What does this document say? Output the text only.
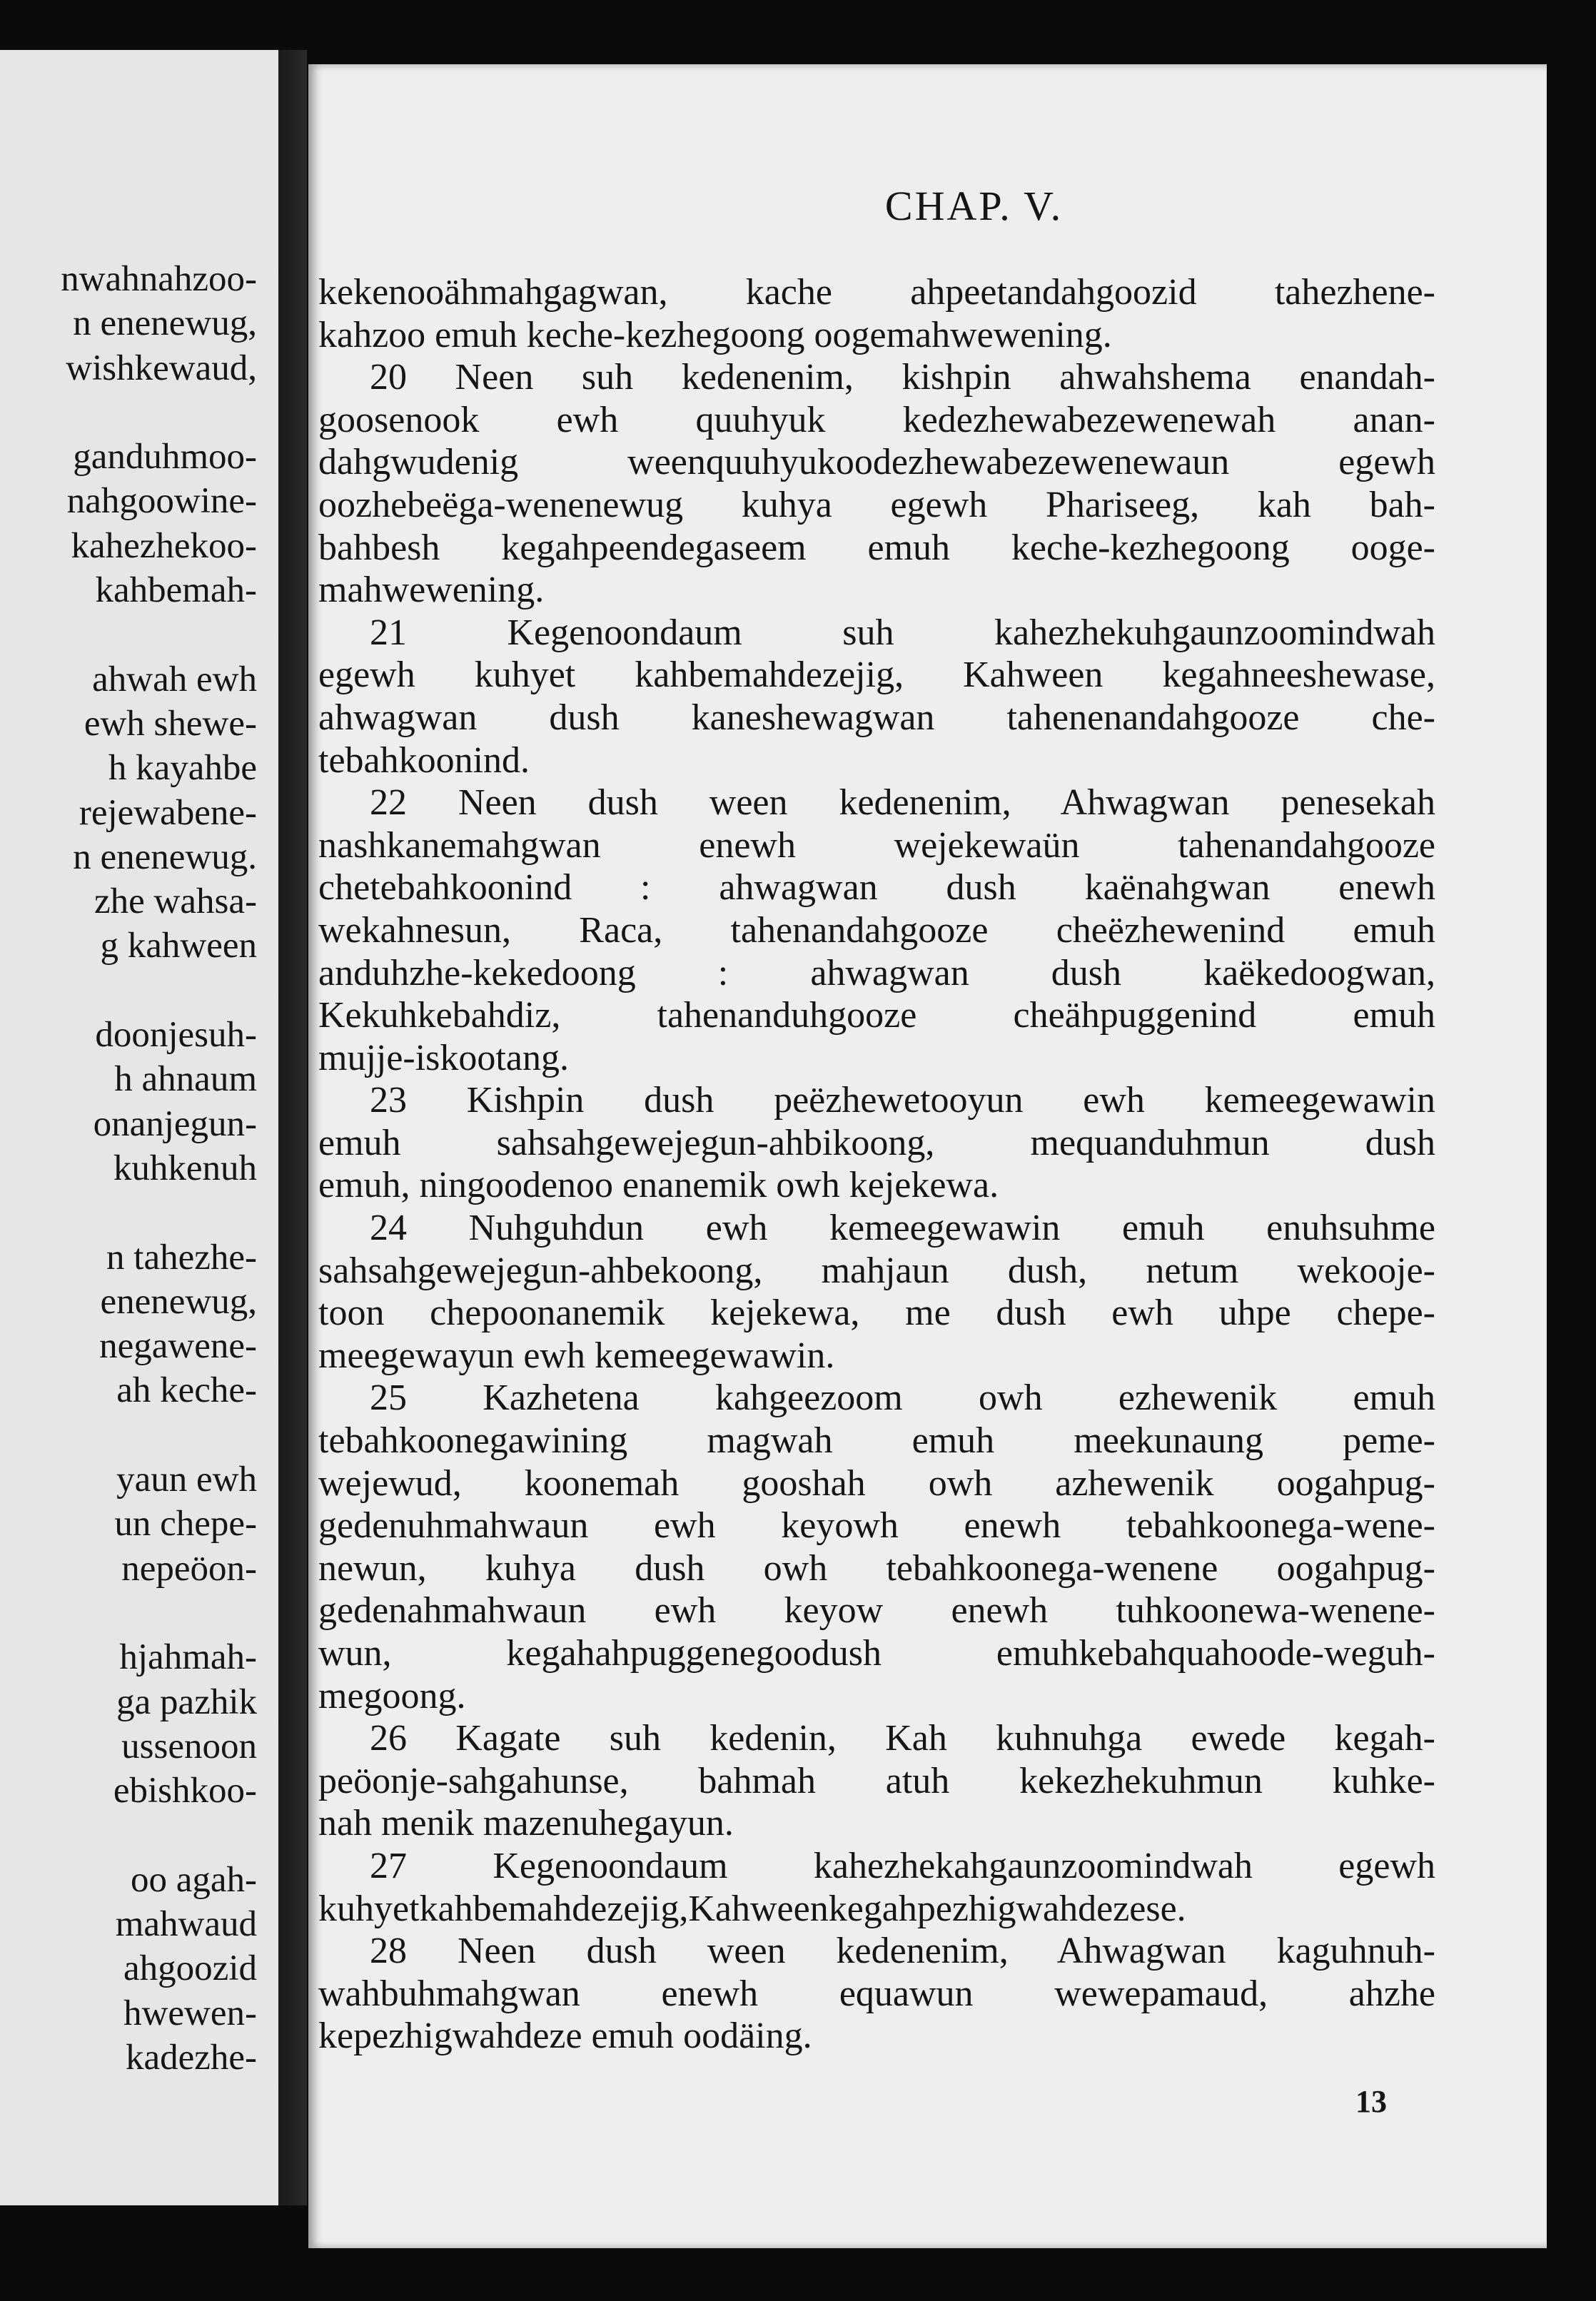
nwahnahzoo-
n enenewug,
wishkewaud,
ganduhmoo-
nahgoowine-
kahezhekoo-
kahbemah-
ahwah ewh
ewh shewe-
h kayahbe
rejewabene-
n enenewug.
zhe wahsa-
g kahween
doonjesuh-
h ahnaum
onanjegun-
kuhkenuh
n tahezhe-
enenewug,
negawene-
ah keche-
yaun ewh
un chepe-
nepeöon-
hjahmah-
ga pazhik
ussenoon
ebishkoo-
oo agah-
mahwaud
ahgoozid
hwewen-
kadezhe-
CHAP. V.
kekenooähmahgagwan, kache ahpeetandahgoozid tahezhene-
kahzoo emuh keche-kezhegoong oogemahwewening.
20 Neen suh kedenenim, kishpin ahwahshema enandah-
goosenook ewh quuhyuk kedezhewabezewenewah anan-
dahgwudenig weenquuhyukoodezhewabezewenewaun egewh
oozhebeëga-wenenewug kuhya egewh Phariseeg, kah bah-
bahbesh kegahpeendegaseem emuh keche-kezhegoong ooge-
mahwewening.
21 Kegenoondaum suh kahezhekuhgaunzoomindwah
egewh kuhyet kahbemahdezejig, Kahween kegahneeshewase,
ahwagwan dush kaneshewagwan tahenenandahgooze che-
tebahkoonind.
22 Neen dush ween kedenenim, Ahwagwan penesekah
nashkanemahgwan enewh wejekewaün tahenandahgooze
chetebahkoonind : ahwagwan dush kaënahgwan enewh
wekahnesun, Raca, tahenandahgooze cheëzhewenind emuh
anduhzhe-kekedoong : ahwagwan dush kaëkedoogwan,
Kekuhkebahdiz, tahenanduhgooze cheähpuggenind emuh
mujje-iskootang.
23 Kishpin dush peëzhewetooyun ewh kemeegewawin
emuh sahsahgewejegun-ahbikoong, mequanduhmun dush
emuh, ningoodenoo enanemik owh kejekewa.
24 Nuhguhdun ewh kemeegewawin emuh enuhsuhme
sahsahgewejegun-ahbekoong, mahjaun dush, netum wekooje-
toon chepoonanemik kejekewa, me dush ewh uhpe chepe-
meegewayun ewh kemeegewawin.
25 Kazhetena kahgeezoom owh ezhewenik emuh
tebahkoonegawining magwah emuh meekunaung peme-
wejewud, koonemah gooshah owh azhewenik oogahpug-
gedenuhmahwaun ewh keyowh enewh tebahkoonega-wene-
newun, kuhya dush owh tebahkoonega-wenene oogahpug-
gedenahmahwaun ewh keyow enewh tuhkoonewa-wenene-
wun, kegahahpuggenegoodush emuhkebahquahoode-weguh-
megoong.
26 Kagate suh kedenin, Kah kuhnuhga ewede kegah-
peöonje-sahgahunse, bahmah atuh kekezhekuhmun kuhke-
nah menik mazenuhegayun.
27 Kegenoondaum kahezhekahgaunzoomindwah egewh
kuhyetkahbemahdezejig,Kahweenkegahpezhigwahdezese.
28 Neen dush ween kedenenim, Ahwagwan kaguhnuh-
wahbuhmahgwan enewh equawun wewepamaud, ahzhe
kepezhigwahdeze emuh oodäing.
13
